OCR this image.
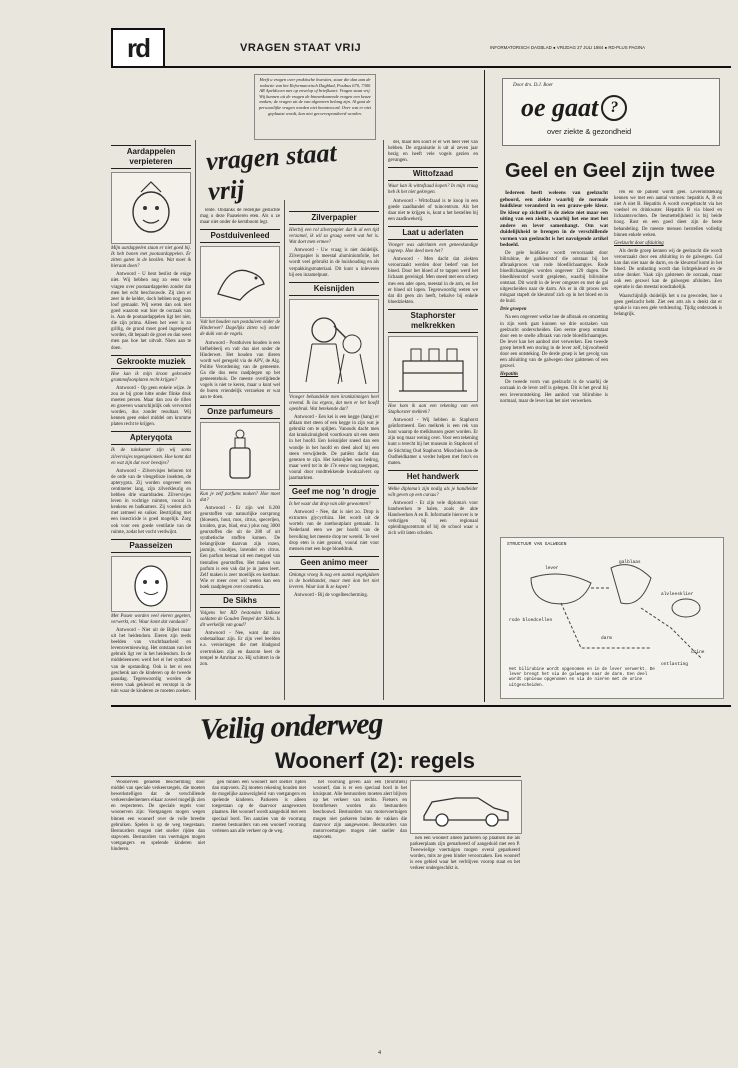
rd	VRAGEN STAAT VRIJ	INFORMATORISCH DAGBLAD ● VRIJDAG 27 JULI 1984 ● RD-PLUS PAGINA
Heeft u vragen over praktische kwesties, stuur die dan aan de redactie van het Reformatorisch Dagblad, Postbus 670, 7300 AR Apeldoorn met op envelop of briefkaart: Vragen staat vrij. Wij kunnen uit de vragen de binnenkomende vragen een keuze maken; de vragen uit de van algemeen belang zijn. Al gaat de persoonlijke vragen worden niet beantwoord. Over wat er niet geplaatst wordt, kan niet gecorrespondeerd worden.
vragen staat vrij
Aardappelen verpieteren

Mijn aardappelen staan er niet goed bij. Ik heb bonen met pootaardappelen. Er zitten gaten in de knollen. Wat moet ik hieraan doen?

Antwoord - U bent beslist de enige niet. Wij hebben nog zo eens vele vragen over pootaardappelen zonder dat men het echt beschouwde. Zij zien er zeer in de kelder, doch hebben nog geen loof gemaakt. Wij weten dan ook niet goed waarom wat hier de oorzaak van is. Aan de pootaardappelen ligt het niet, die zijn prima. Alleen het weer is zo grillig, de grond moet goed ingeregend worden, dit bepaalt de groei en dan weet men pas hoe het uitvalt. Niets aan te doen.

Gekrookte muziek

Hoe kan ik mijn kroon gekrookte grammofoonplaten recht krijgen?

Antwoord - Op geen enkele wijze. Je zou ze bij grote hitte onder flinke druk moeten persen. Maar dan zou de rillen en groeven waarschijnlijk ook vervormd worden, dus zonder resultaat. Wij kennen geen enkel middel om kromme platen recht te krijgen.

Apteryqota

Ik de tuinkamer zijn wij soms zilvervisjes tegengekomen. Hoe komt dat en wat zijn dat voor beestjes?

Antwoord - Zilvervisjes behoren tot de orde van de vleugelloze insekten, de apterygota. Zij worden ongeveer een centimeter lang, zijn zilverkleurig en hebben drie staartdraden. Zilvervisjes leven in vochtige ruimten, vooral in keukens en badkamers. Zij voeden zich met zetmeel en suiker. Bestrijding met een insecticide is goed mogelijk. Zorg ook voor een goede ventilatie van de ruimte, zodat het vocht verdwijnt.

Paasseizen

Met Pasen worden veel eieren gegeten, verwerkt, etc. Waar komt dat vandaan?

Antwoord - Niet uit de Bijbel maar uit het heidendom. Eieren zijn reeds beelden van vruchtbaarheid en levensvernieuwing. Het ontstaan van het gebruik ligt ver in het heidendom. In de middeleeuwen werd het ei het symbool van de opstanding. Ook is het ei een geschenk aan de kinderen op de tweede paasdag. Tegenwoordig worden de eieren vaak gekleurd en verstopt in de tuin waar de kinderen ze moeten zoeken.

lente. Ondanks de redelijke geduchte mag u deze Paaseieren eten. Als u ze maar niet onder de kerstboom legt.

Postduivenleed

Valt het houden van postduiven onder de Hinderwet? Dagelijks zitten wij onder de duik van de vogels.

Antwoord - Postduiven houden is een liefhebberij en valt dus niet onder de Hinderwet. Het houden van dieren wordt wel geregeld via de APV, de Alg. Politie Verordening van de gemeente. Ga die dus eens raadplegen op het gemeentehuis. De meeste overlijdende vogels is niet te keren, maar u kunt wel de buren vriendelijk verzoeken er wat aan te doen.

Onze parfumeurs

Kun je zelf parfums maken? Hoe moet dat?

Antwoord - Er zijn wel 6.200 geurstoffen van natuurlijke oorsprong (bloesem, hout, mos, citrus, specerijen, kruiden, gras, blad, enz.) plus nog 3000 geurstoffen die uit de 280 of uit synthetische stoffen komen. De belangrijkste daarvan zijn rozen, jasmijn, viooltjes, lavendel en citrus. Een parfum bestaat uit een mengsel van tientallen geurstoffen. Het maken van parfum is een vak dat je in jaren leert. Zelf maken is zeer moeilijk en kostbaar. Wie er meer over wil weten kan een boek raadplegen over cosmetica.

De Sikhs

Volgens het RD bestonden Indiase soldaten de Gouden Tempel der Sikhs. Is dit werkelijk van goud?

Antwoord - Nee, want dat zou onbetaalbaar zijn. Er zijn veel beelden e.a. versieringen die met bladgoud overtrokken zijn en daarom heet de tempel te Amritsar zo. Hij schittert in de zon.

Zilverpapier

Hierbij een rol zilverpapier dat ik al een tijd verzamel, ik wil zo graag weten wat het is. Wat doet men ermee?

Antwoord - Uw vraag is niet duidelijk. Zilverpapier is meestal aluminiumfolie, het wordt veel gebruikt in de huishouding en als verpakkingsmateriaal. Dit kunt u inleveren bij een inzamelpunt.

Keisnijden

Vroeger behandelde men krankzinnigen heel vreemd. Ik las ergens, dat men er het hoofd openbrak. Wat betekende dat?

Antwoord - Een kei is een kegge (hang) er afdaan met steen of een kegge in zijn wat je gebruikt om te splijten. Vanouds dacht men dat krankzinnigheid voortkwam uit een steen in het hoofd. Een keisnijder sneed dan een wondje in het hoofd en deed alsof hij een steen verwijderde. De patiënt dacht dan genezen te zijn. Het keisnijden was bedrog, maar werd tot in de 17e eeuw nog toegepast, vooral door rondtrekkende kwakzalvers op jaarmarkten.

Geef me nog 'n drogje

Is het waar dat drop van alle gewoonten?

Antwoord - Nee, dat is niet zo. Drop is extracten glycyrrhiza. Het wordt uit de wortels van de zoethoutplant gemaakt. In Nederland eten we per hoofd van de bevolking het meeste drop ter wereld. Te veel drop eten is niet gezond, vooral niet voor mensen met een hoge bloeddruk.

Geen animo meer

Onlangs vroeg ik nog een aantal vogelgidsen in de boekhandel, maar men kon het niet leveren. Waar kan ik ze kopen?

Antwoord - Bij de vogelbescherming.

del, maar den soort er er wel heel veel van hebben. De organisatie is uit al zeven jaar bezig en heeft vele vogels gezien en gevangen.

Wittofzaad

Waar kan ik wittofzaad kopen? In mijn vraag heb ik het niet gekregen.

Antwoord - Wittofzaad is te koop in een goede zaadhandel of tuincentrum. Als het daar niet te krijgen is, kunt u het bestellen bij een zaadkwekerij.

Laat u aderlaten

Vroeger was aderlaten een geneeskundige ingreep. Hoe deed men het?

Antwoord - Men dacht dat ziekten veroorzaakt werden door bederf van het bloed. Door het bloed af te tappen werd het lichaam gereinigd. Men sneed met een scherp mes een ader open, meestal in de arm, en liet er bloed uit lopen. Tegenwoordig weten we dat dit geen zin heeft, behalve bij enkele bloedziekten.

Staphorster melkrekken

Hoe kom ik aan een tekening van een Staphorster melkrek?

Antwoord - Wij hebben in Staphorst geïnformeerd. Een melkrek is een rek van hout waarop de melkbussen gezet worden. Er zijn nog maar weinig over. Voor een tekening kunt u terecht bij het museum in Staphorst of de Stichting Oud Staphorst. Misschien kan de Oudheidkamer u verder helpen met foto's en maten.

Het handwerk

Welke diploma's zijn nodig als je handleider wilt geven op een cursus?

Antwoord - Er zijn vele diploma's voor handwerken te halen, zoals de akte Handwerken A en B. Informatie hierover is te verkrijgen bij een regionaal opleidingscentrum of bij de school waar u zich wilt laten scholen.

Door drs. D.J. Boer
oe gaat ?
over ziekte & gezondheid
Geel en Geel zijn twee

Iedereen heeft weleens van geelzucht gehoord, een ziekte waarbij de normale huidkleur veranderd in een grauw-gele kleur. De kleur op zichzelf is de ziekte niet maar een uiting van een ziekte, waarbij het ene met het andere en lever samenhangt. Om wat duidelijkheid te brengen in de verschillende vormen van geelzucht is het navolgende artikel bedoeld.

De gele huidkleur wordt veroorzaakt door bilirubine, de galkleurstof die ontstaat bij het afbraakproces van rode bloedlichaampjes. Rode bloedlichaampjes worden ongeveer 120 dagen. De bloedkleurstof wordt gespleten, waarbij bilirubine ontstaat. Dit wordt in de lever omgezet en met de gal uitgescheiden naar de darm. Als er in dit proces iets misgaat stapelt de kleurstof zich op in het bloed en in de huid.

Drie groepen

Na een ongeveer welke hoe de afbraak en omzetting in zijn werk gaat kunnen we drie oorzaken van geelzucht onderscheiden. Een eerste groep ontstaat door een te snelle afbraak van rode bloedlichaampjes. De lever kan het aanbod niet verwerken. Een tweede groep betreft een storing in de lever zelf, bijvoorbeeld door een ontsteking. De derde groep is het gevolg van een afsluiting van de galwegen door galstenen of een gezwel.

Hepatitis

De tweede vorm van geelzucht is de waarbij de oorzaak in de lever zelf is gelegen. Dit is het geval bij een leverontsteking. Het aanbod van bilirubine is normaal, maar de lever kan het niet verwerken.

ren en de patiënt wordt geel. Leverontsteking kennen we met een aantal vormen: hepatitis A, B en niet A niet B. Hepatitis A wordt overgebracht via het voedsel en drinkwater. Hepatitis B via bloed en lichaamsvochten. De besmettelijkheid is bij beide hoog. Rust en een goed dieet zijn de beste behandeling. De meeste mensen herstellen volledig binnen enkele weken.

Geelzucht door afsluiting

Als derde groep kennen wij de geelzucht die wordt veroorzaakt door een afsluiting in de galwegen. Gal kan dan niet naar de darm, en de kleurstof komt in het bloed. De ontlasting wordt dan lichtgekleurd en de urine donker. Vaak zijn galstenen de oorzaak, maar ook een gezwel kan de galwegen afsluiten. Een operatie is dan meestal noodzakelijk.

Waarschijnlijk duidelijk het u nu geworden, hoe u geen geelzucht hebt. Ziet een arts als u denkt dat er sprake is van een gele verkleuring. Tijdig onderzoek is belangrijk.

STRUCTUUR VAN GALWEGEN
lever
galblaas
alvleesklier
darm
rode bloedcellen
urine
ontlasting
Het bilirubine wordt opgenomen en in de lever verwerkt. De lever brengt het via de galwegen naar de darm. Een deel wordt opnieuw opgenomen en via de nieren met de urine uitgescheiden.
Veilig onderweg
Woonerf (2): regels

Woonerven genieten bescherming door middel van speciale verkeersregels, die moeten bewerkstelligen dat de verschillende verkeersdeelnemers elkaar zoveel mogelijk zien en respecteren. De speciale regels voor woonerven zijn: Voetgangers mogen wegen binnen een woonerf over de volle breedte gebruiken. Spelen is op de weg toegestaan. Bestuurders mogen niet sneller rijden dan stapvoets. Bestuurders van voertuigen mogen voetgangers en spelende kinderen niet hinderen.

gen binnen een woonerf niet sneller rijden dan stapvoets. Zij moeten rekening houden met de mogelijke aanwezigheid van voetgangers en spelende kinderen. Parkeren is alleen toegestaan op de daarvoor aangewezen plaatsen. Het woonerf wordt aangeduid met een speciaal bord. Ten aanzien van de voorrang moeten bestuurders van een woonerf voorrang verlenen aan alle verkeer op de weg.

het voorrang geven aan een (bromfiets) woonerf, dan is er een speciaal bord in het kruispunt. Alle bestuurders moeten alert blijven op het verkeer van rechts. Fietsers en bromfietsers worden als bestuurders beschouwd. Bestuurders van motorvoertuigen mogen niet parkeren buiten de vakken die daarvoor zijn aangewezen. Bestuurders van motorvoertuigen mogen niet sneller dan stapvoets.	nen een woonerf alleen parkeren op plaatsen die als parkeerplaats zijn gemarkeerd of aangeduid met een P. Tweewielige voertuigen mogen overal geparkeerd worden, mits ze geen hinder veroorzaken. Een woonerf is een gebied waar het verblijven voorop staat en het verkeer ondergeschikt is.

4
